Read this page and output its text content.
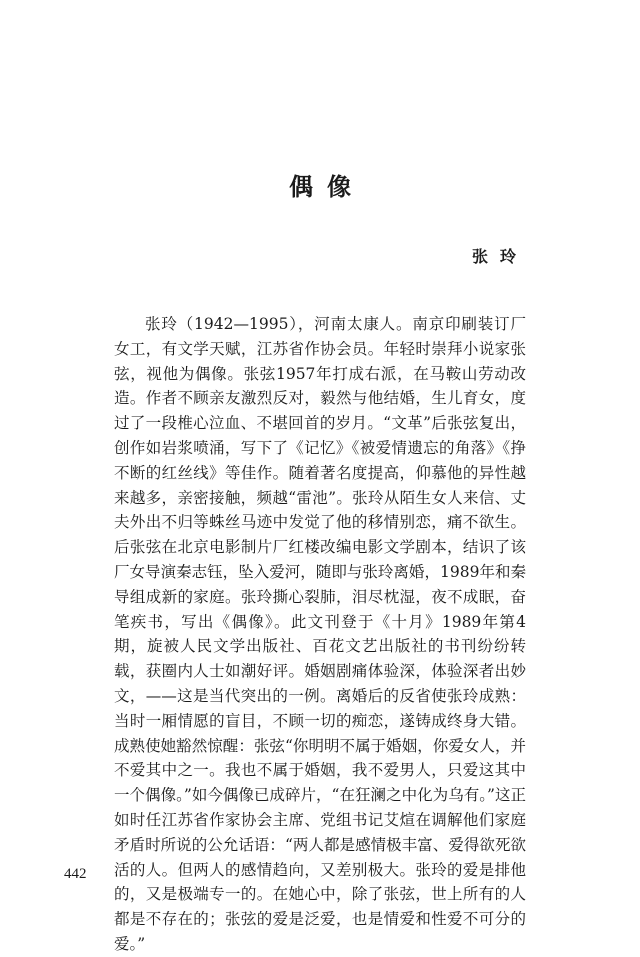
偶像
张玲

张玲（1942—1995），河南太康人。南京印刷装订厂女工，有文学天赋，江苏省作协会员。年轻时崇拜小说家张弦，视他为偶像。张弦1957年打成右派，在马鞍山劳动改造。作者不顾亲友激烈反对，毅然与他结婚，生儿育女，度过了一段椎心泣血、不堪回首的岁月。“文革”后张弦复出，创作如岩浆喷涌，写下了《记忆》《被爱情遗忘的角落》《挣不断的红丝线》等佳作。随着著名度提高，仰慕他的异性越来越多，亲密接触，频越“雷池”。张玲从陌生女人来信、丈夫外出不归等蛛丝马迹中发觉了他的移情别恋，痛不欲生。后张弦在北京电影制片厂红楼改编电影文学剧本，结识了该厂女导演秦志钰，坠入爱河，随即与张玲离婚，1989年和秦导组成新的家庭。张玲撕心裂肺，泪尽枕湿，夜不成眠，奋笔疾书，写出《偶像》。此文刊登于《十月》1989年第4期，旋被人民文学出版社、百花文艺出版社的书刊纷纷转载，获圈内人士如潮好评。婚姻剧痛体验深，体验深者出妙文，——这是当代突出的一例。离婚后的反省使张玲成熟：当时一厢情愿的盲目，不顾一切的痴恋，遂铸成终身大错。成熟使她豁然惊醒：张弦“你明明不属于婚姻，你爱女人，并不爱其中之一。我也不属于婚姻，我不爱男人，只爱这其中一个偶像。”如今偶像已成碎片，“在狂澜之中化为乌有。”这正如时任江苏省作家协会主席、党组书记艾煊在调解他们家庭矛盾时所说的公允话语：“两人都是感情极丰富、爱得欲死欲活的人。但两人的感情趋向，又差别极大。张玲的爱是排他的，又是极端专一的。在她心中，除了张弦，世上所有的人都是不存在的；张弦的爱是泛爱，也是情爱和性爱不可分的爱。”

442
